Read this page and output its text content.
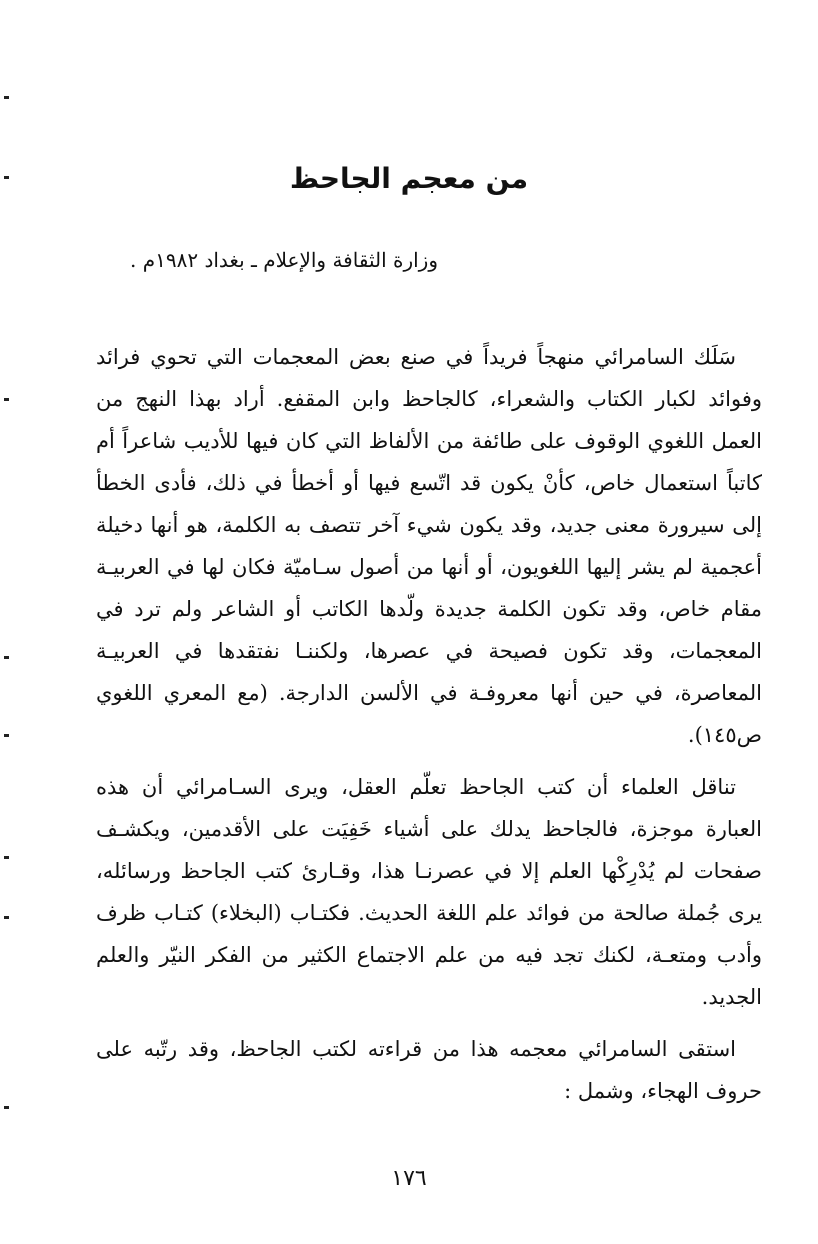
من معجم الجاحظ
وزارة الثقافة والإعلام ـ بغداد ١٩٨٢م .

سَلَك السامرائي منهجاً فريداً في صنع بعض المعجمات التي تحوي فرائد وفوائد لكبار الكتاب والشعراء، كالجاحظ وابن المقفع. أراد بهذا النهج من العمل اللغوي الوقوف على طائفة من الألفاظ التي كان فيها للأديب شاعراً أم كاتباً استعمال خاص، كأنْ يكون قد اتّسع فيها أو أخطأ في ذلك، فأدى الخطأ إلى سيرورة معنى جديد، وقد يكون شيء آخر تتصف به الكلمة، هو أنها دخيلة أعجمية لم يشر إليها اللغويون، أو أنها من أصول سـاميّة فكان لها في العربيـة مقام خاص، وقد تكون الكلمة جديدة ولّدها الكاتب أو الشاعر ولم ترد في المعجمات، وقد تكون فصيحة في عصرها، ولكننـا نفتقدها في العربيـة المعاصرة، في حين أنها معروفـة في الألسن الدارجة. (مع المعري اللغوي ص١٤٥).

تناقل العلماء أن كتب الجاحظ تعلّم العقل، ويرى السـامرائي أن هذه العبارة موجزة، فالجاحظ يدلك على أشياء خَفِيَت على الأقدمين، ويكشـف صفحات لم يُدْرِكْها العلم إلا في عصرنـا هذا، وقـارئ كتب الجاحظ ورسائله، يرى جُملة صالحة من فوائد علم اللغة الحديث. فكتـاب (البخلاء) كتـاب ظرف وأدب ومتعـة، لكنك تجد فيه من علم الاجتماع الكثير من الفكر النيّر والعلم الجديد.

استقى السامرائي معجمه هذا من قراءته لكتب الجاحظ، وقد رتّبه على حروف الهجاء، وشمل :

١٧٦
